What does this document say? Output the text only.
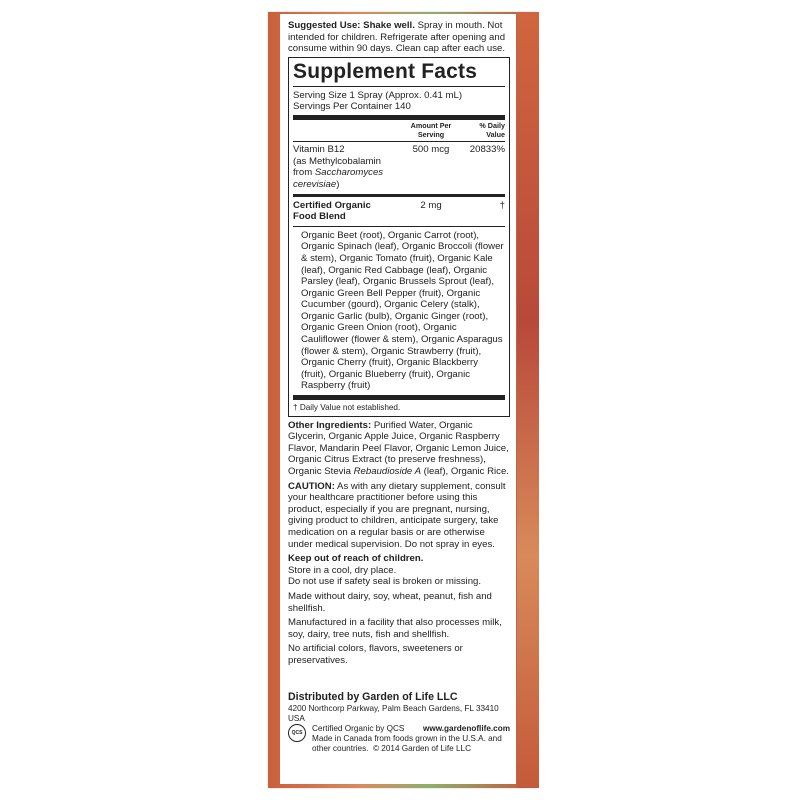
Suggested Use: Shake well. Spray in mouth. Not intended for children. Refrigerate after opening and consume within 90 days. Clean cap after each use.
Supplement Facts
Serving Size 1 Spray (Approx. 0.41 mL)
Servings Per Container 140
Amount Per Serving
% Daily Value
Vitamin B12
(as Methylcobalamin
from Saccharomyces cerevisiae)
500 mcg	20833%
Certified Organic
Food Blend
2 mg	†
Organic Beet (root), Organic Carrot (root), Organic Spinach (leaf), Organic Broccoli (flower & stem), Organic Tomato (fruit), Organic Kale (leaf), Organic Red Cabbage (leaf), Organic Parsley (leaf), Organic Brussels Sprout (leaf), Organic Green Bell Pepper (fruit), Organic Cucumber (gourd), Organic Celery (stalk), Organic Garlic (bulb), Organic Ginger (root), Organic Green Onion (root), Organic Cauliflower (flower & stem), Organic Asparagus (flower & stem), Organic Strawberry (fruit), Organic Cherry (fruit), Organic Blackberry (fruit), Organic Blueberry (fruit), Organic Raspberry (fruit)
† Daily Value not established.
Other Ingredients: Purified Water, Organic Glycerin, Organic Apple Juice, Organic Raspberry Flavor, Mandarin Peel Flavor, Organic Lemon Juice, Organic Citrus Extract (to preserve freshness), Organic Stevia Rebaudioside A (leaf), Organic Rice.
CAUTION: As with any dietary supplement, consult your healthcare practitioner before using this product, especially if you are pregnant, nursing, giving product to children, anticipate surgery, take medication on a regular basis or are otherwise under medical supervision. Do not spray in eyes.
Keep out of reach of children.
Store in a cool, dry place.
Do not use if safety seal is broken or missing.
Made without dairy, soy, wheat, peanut, fish and shellfish.
Manufactured in a facility that also processes milk, soy, dairy, tree nuts, fish and shellfish.
No artificial colors, flavors, sweeteners or preservatives.
Distributed by Garden of Life LLC
4200 Northcorp Parkway, Palm Beach Gardens, FL 33410 USA
QCS	Certified Organic by QCS www.gardenoflife.com
Made in Canada from foods grown in the U.S.A. and other countries. © 2014 Garden of Life LLC
